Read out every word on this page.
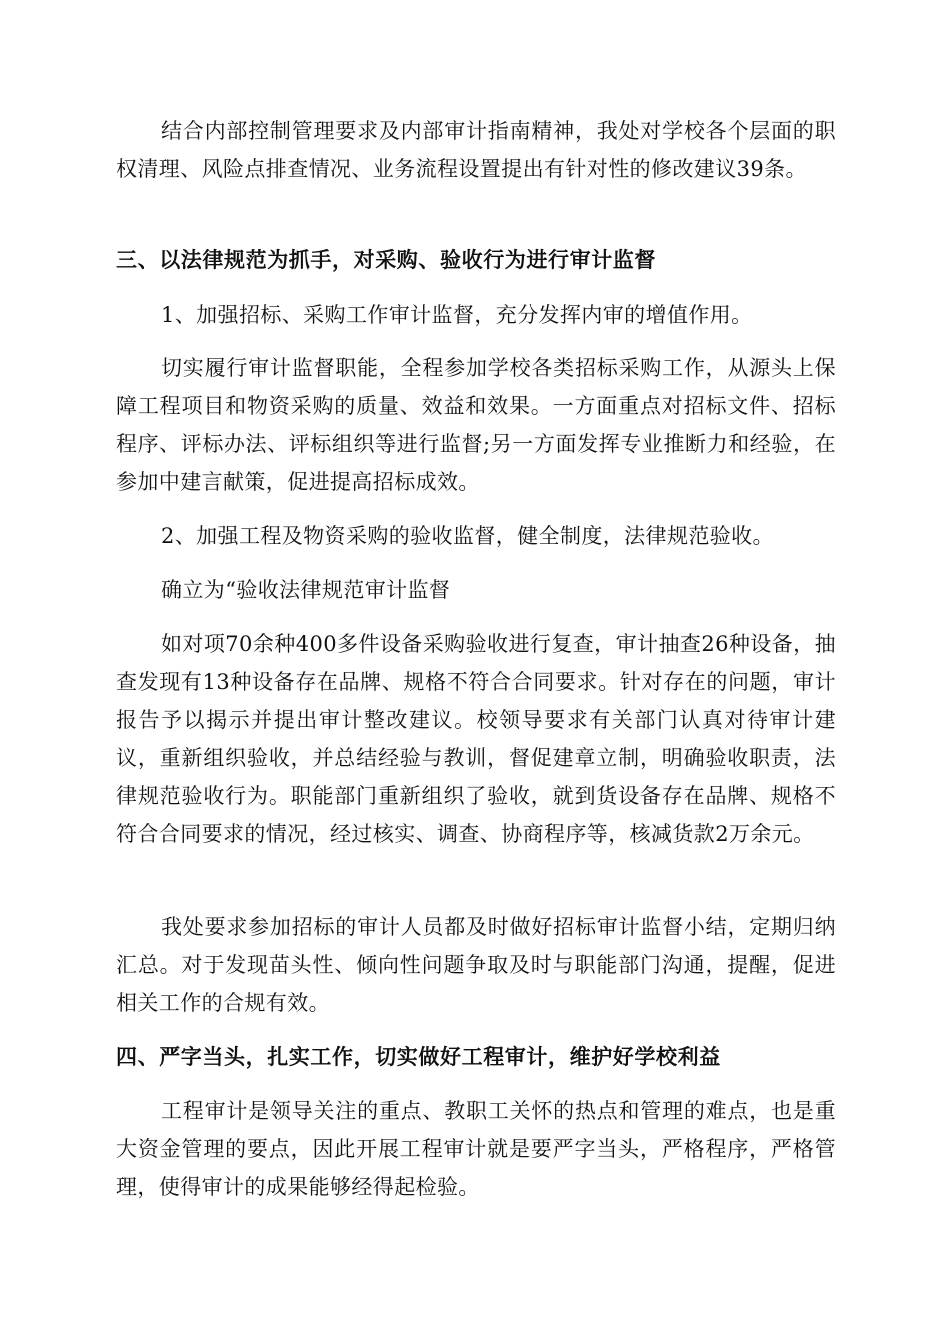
结合内部控制管理要求及内部审计指南精神，我处对学校各个层面的职权清理、风险点排查情况、业务流程设置提出有针对性的修改建议39条。

三、以法律规范为抓手，对采购、验收行为进行审计监督

1、加强招标、采购工作审计监督，充分发挥内审的增值作用。

切实履行审计监督职能，全程参加学校各类招标采购工作，从源头上保障工程项目和物资采购的质量、效益和效果。一方面重点对招标文件、招标程序、评标办法、评标组织等进行监督;另一方面发挥专业推断力和经验，在参加中建言献策，促进提高招标成效。

2、加强工程及物资采购的验收监督，健全制度，法律规范验收。

确立为“验收法律规范审计监督

如对项70余种400多件设备采购验收进行复查，审计抽查26种设备，抽查发现有13种设备存在品牌、规格不符合合同要求。针对存在的问题，审计报告予以揭示并提出审计整改建议。校领导要求有关部门认真对待审计建议，重新组织验收，并总结经验与教训，督促建章立制，明确验收职责，法律规范验收行为。职能部门重新组织了验收，就到货设备存在品牌、规格不符合合同要求的情况，经过核实、调查、协商程序等，核减货款2万余元。

我处要求参加招标的审计人员都及时做好招标审计监督小结，定期归纳汇总。对于发现苗头性、倾向性问题争取及时与职能部门沟通，提醒，促进相关工作的合规有效。

四、严字当头，扎实工作，切实做好工程审计，维护好学校利益

工程审计是领导关注的重点、教职工关怀的热点和管理的难点，也是重大资金管理的要点，因此开展工程审计就是要严字当头，严格程序，严格管理，使得审计的成果能够经得起检验。
